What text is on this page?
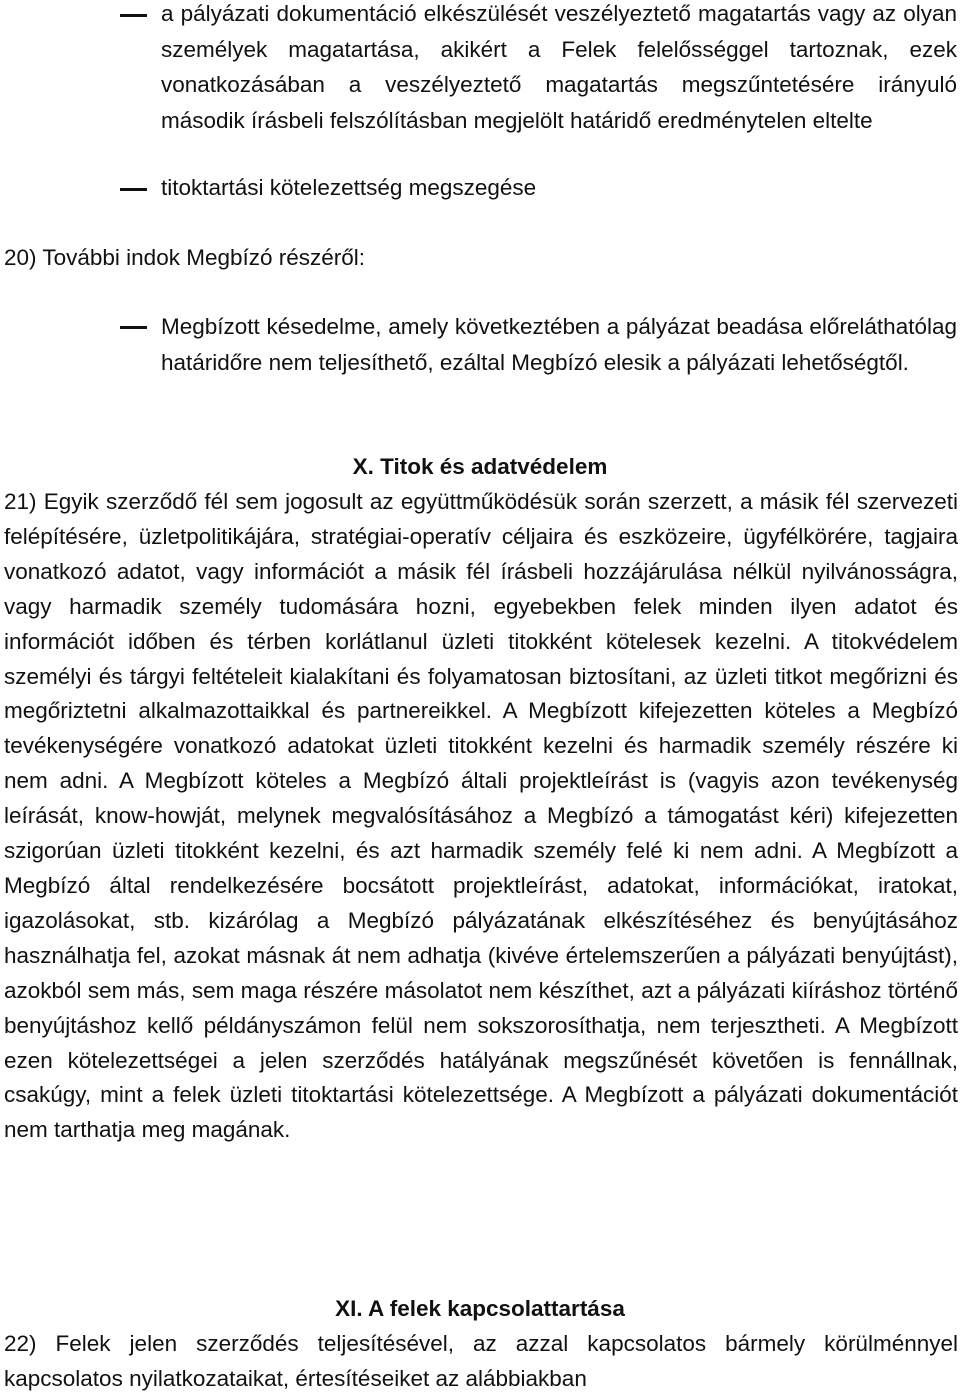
a pályázati dokumentáció elkészülését veszélyeztető magatartás vagy az olyan személyek magatartása, akikért a Felek felelősséggel tartoznak, ezek vonatkozásában a veszélyeztető magatartás megszűntetésére irányuló második írásbeli felszólításban megjelölt határidő eredménytelen eltelte
titoktartási kötelezettség megszegése
20) További indok Megbízó részéről:
Megbízott késedelme, amely következtében a pályázat beadása előreláthatólag határidőre nem teljesíthető, ezáltal Megbízó elesik a pályázati lehetőségtől.
X. Titok és adatvédelem
21) Egyik szerződő fél sem jogosult az együttműködésük során szerzett, a másik fél szervezeti felépítésére, üzletpolitikájára, stratégiai-operatív céljaira és eszközeire, ügyfélkörére, tagjaira vonatkozó adatot, vagy információt a másik fél írásbeli hozzájárulása nélkül nyilvánosságra, vagy harmadik személy tudomására hozni, egyebekben felek minden ilyen adatot és információt időben és térben korlátlanul üzleti titokként kötelesek kezelni. A titokvédelem személyi és tárgyi feltételeit kialakítani és folyamatosan biztosítani, az üzleti titkot megőrizni és megőriztetni alkalmazottaikkal és partnereikkel. A Megbízott kifejezetten köteles a Megbízó tevékenységére vonatkozó adatokat üzleti titokként kezelni és harmadik személy részére ki nem adni. A Megbízott köteles a Megbízó általi projektleírást is (vagyis azon tevékenység leírását, know-howját, melynek megvalósításához a Megbízó a támogatást kéri) kifejezetten szigorúan üzleti titokként kezelni, és azt harmadik személy felé ki nem adni. A Megbízott a Megbízó által rendelkezésére bocsátott projektleírást, adatokat, információkat, iratokat, igazolásokat, stb. kizárólag a Megbízó pályázatának elkészítéséhez és benyújtásához használhatja fel, azokat másnak át nem adhatja (kivéve értelemszerűen a pályázati benyújtást), azokból sem más, sem maga részére másolatot nem készíthet, azt a pályázati kiíráshoz történő benyújtáshoz kellő példányszámon felül nem sokszorosíthatja, nem terjesztheti. A Megbízott ezen kötelezettségei a jelen szerződés hatályának megszűnését követően is fennállnak, csakúgy, mint a felek üzleti titoktartási kötelezettsége. A Megbízott a pályázati dokumentációt nem tarthatja meg magának.
XI. A felek kapcsolattartása
22) Felek jelen szerződés teljesítésével, az azzal kapcsolatos bármely körülménnyel kapcsolatos nyilatkozataikat, értesítéseiket az alábbiakban
